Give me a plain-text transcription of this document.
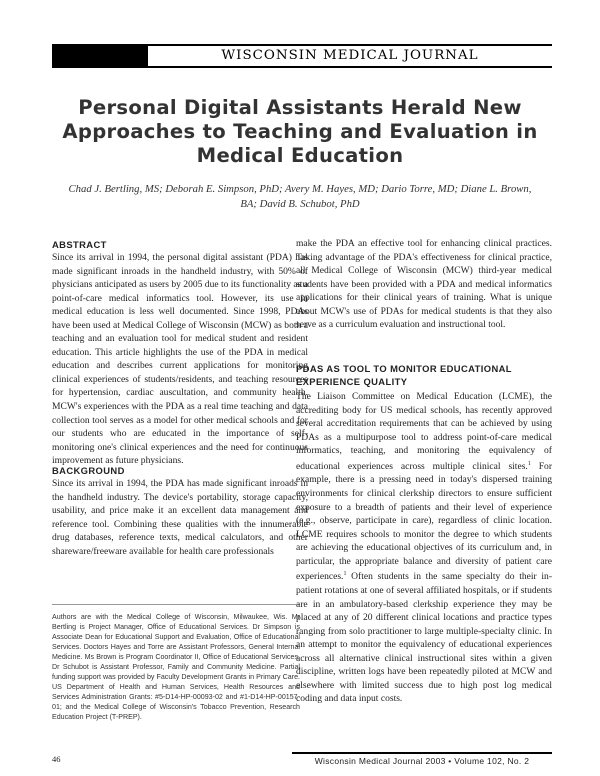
WISCONSIN MEDICAL JOURNAL
Personal Digital Assistants Herald New Approaches to Teaching and Evaluation in Medical Education

Chad J. Bertling, MS; Deborah E. Simpson, PhD; Avery M. Hayes, MD; Dario Torre, MD; Diane L. Brown, BA; David B. Schubot, PhD

ABSTRACT

Since its arrival in 1994, the personal digital assistant (PDA) has made significant inroads in the handheld industry, with 50% of physicians anticipated as users by 2005 due to its functionality as a point-of-care medical informatics tool. However, its use in medical education is less well documented. Since 1998, PDAs have been used at Medical College of Wisconsin (MCW) as both a teaching and an evaluation tool for medical student and resident education. This article highlights the use of the PDA in medical education and describes current applications for monitoring clinical experiences of students/residents, and teaching resources for hypertension, cardiac auscultation, and community health. MCW's experiences with the PDA as a real time teaching and data collection tool serves as a model for other medical schools and for our students who are educated in the importance of self-monitoring one's clinical experiences and the need for continuous improvement as future physicians.

BACKGROUND

Since its arrival in 1994, the PDA has made significant inroads in the handheld industry. The device's portability, storage capacity, usability, and price make it an excellent data management and reference tool. Combining these qualities with the innumerable drug databases, reference texts, medical calculators, and other shareware/freeware available for health care professionals

Authors are with the Medical College of Wisconsin, Milwaukee, Wis. Mr Bertling is Project Manager, Office of Educational Services. Dr Simpson is Associate Dean for Educational Support and Evaluation, Office of Educational Services. Doctors Hayes and Torre are Assistant Professors, General Internal Medicine. Ms Brown is Program Coordinator II, Office of Educational Services. Dr Schubot is Assistant Professor, Family and Community Medicine. Partial funding support was provided by Faculty Development Grants in Primary Care. US Department of Health and Human Services, Health Resources and Services Administration Grants: #5-D14-HP-00093-02 and #1-D14-HP-00157-01; and the Medical College of Wisconsin's Tobacco Prevention, Research Education Project (T-PREP).

make the PDA an effective tool for enhancing clinical practices. Taking advantage of the PDA's effectiveness for clinical practice, all Medical College of Wisconsin (MCW) third-year medical students have been provided with a PDA and medical informatics applications for their clinical years of training. What is unique about MCW's use of PDAs for medical students is that they also serve as a curriculum evaluation and instructional tool.

PDAS AS TOOL TO MONITOR EDUCATIONAL EXPERIENCE QUALITY

The Liaison Committee on Medical Education (LCME), the accrediting body for US medical schools, has recently approved several accreditation requirements that can be achieved by using PDAs as a multipurpose tool to address point-of-care medical informatics, teaching, and monitoring the equivalency of educational experiences across multiple clinical sites.$^1$ For example, there is a pressing need in today's dispersed training environments for clinical clerkship directors to ensure sufficient exposure to a breadth of patients and their level of experience (e.g., observe, participate in care), regardless of clinic location. LCME requires schools to monitor the degree to which students are achieving the educational objectives of its curriculum and, in particular, the appropriate balance and diversity of patient care experiences.$^1$ Often students in the same specialty do their in-patient rotations at one of several affiliated hospitals, or if students are in an ambulatory-based clerkship experience they may be placed at any of 20 different clinical locations and practice types ranging from solo practitioner to large multiple-specialty clinic. In an attempt to monitor the equivalency of educational experiences across all alternative clinical instructional sites within a given discipline, written logs have been repeatedly piloted at MCW and elsewhere with limited success due to high post log medical coding and data input costs.

46	Wisconsin Medical Journal 2003 • Volume 102, No. 2
